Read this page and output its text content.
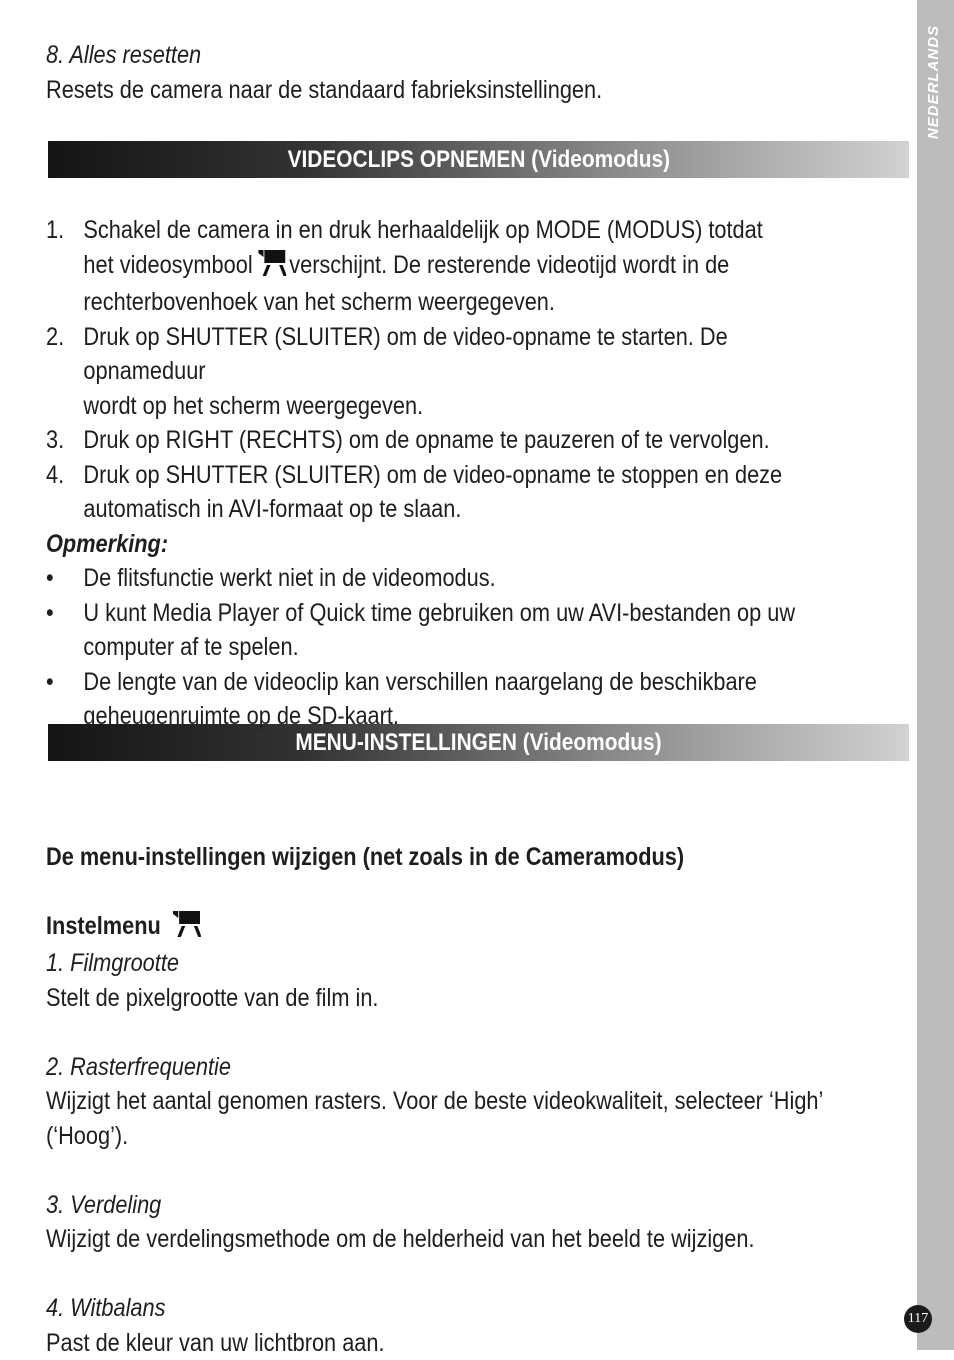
NEDERLANDS
VIDEOCLIPS OPNEMEN (Videomodus)
MENU-INSTELLINGEN (Videomodus)
8. Alles resetten
Resets de camera naar de standaard fabrieksinstellingen.
1. Schakel de camera in en druk herhaaldelijk op MODE (MODUS) totdat
het videosymbool verschijnt. De resterende videotijd wordt in de
rechterbovenhoek van het scherm weergegeven.
2. Druk op SHUTTER (SLUITER) om de video-opname te starten. De opnameduur
wordt op het scherm weergegeven.
3. Druk op RIGHT (RECHTS) om de opname te pauzeren of te vervolgen.
4. Druk op SHUTTER (SLUITER) om de video-opname te stoppen en deze
automatisch in AVI-formaat op te slaan.
Opmerking:
•	De flitsfunctie werkt niet in de videomodus.
•	U kunt Media Player of Quick time gebruiken om uw AVI-bestanden op uw
computer af te spelen.
•	De lengte van de videoclip kan verschillen naargelang de beschikbare
geheugenruimte op de SD-kaart.
De menu-instellingen wijzigen (net zoals in de Cameramodus)
Instelmenu
1. Filmgrootte
Stelt de pixelgrootte van de film in.
2. Rasterfrequentie
Wijzigt het aantal genomen rasters. Voor de beste videokwaliteit, selecteer ‘High’
(‘Hoog’).
3. Verdeling
Wijzigt de verdelingsmethode om de helderheid van het beeld te wijzigen.
4. Witbalans
Past de kleur van uw lichtbron aan.
117
